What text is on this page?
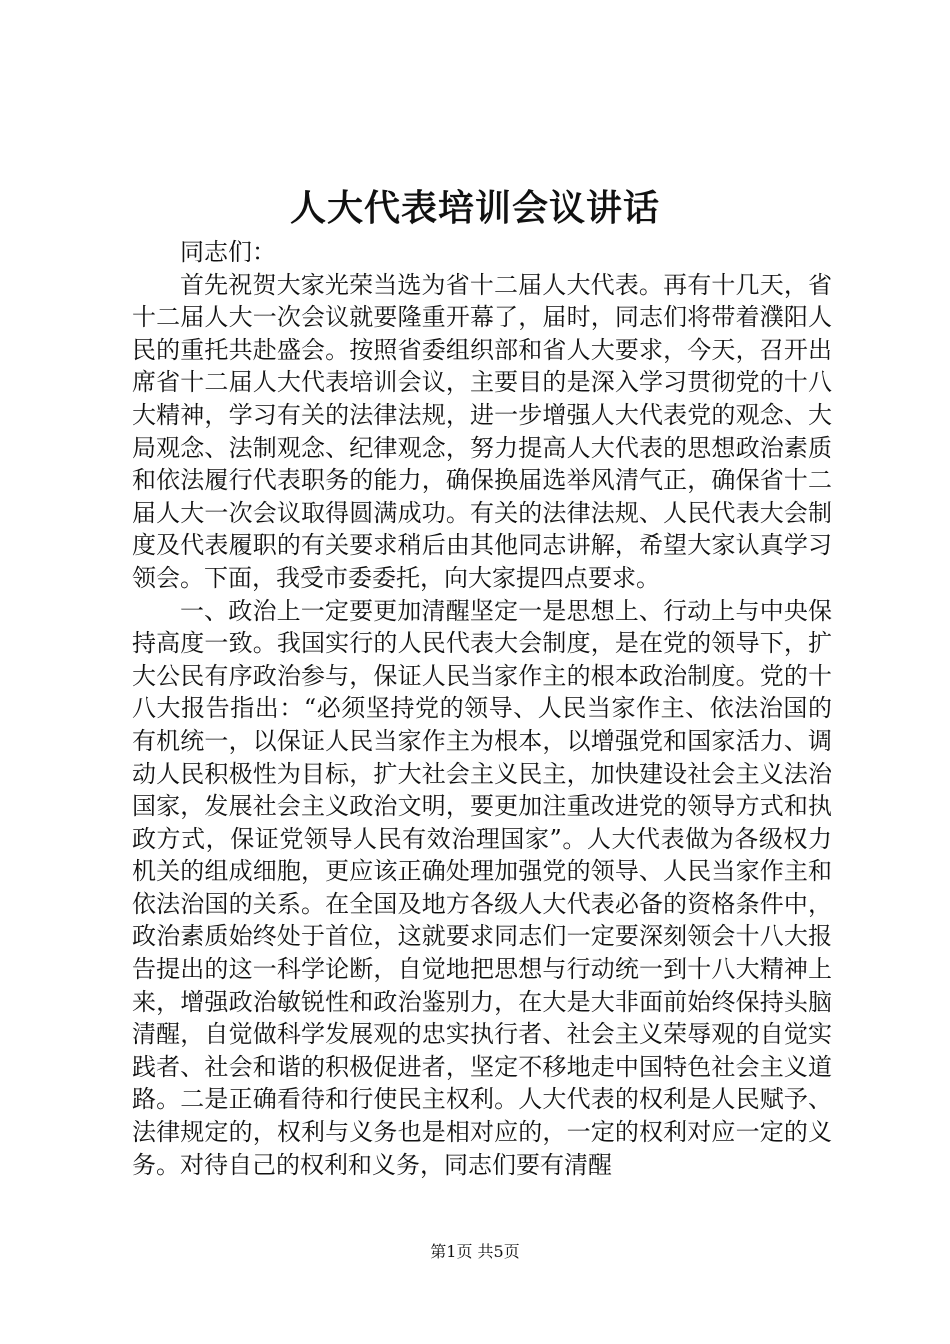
人大代表培训会议讲话

同志们：

首先祝贺大家光荣当选为省十二届人大代表。再有十几天，省十二届人大一次会议就要隆重开幕了，届时，同志们将带着濮阳人民的重托共赴盛会。按照省委组织部和省人大要求，今天，召开出席省十二届人大代表培训会议，主要目的是深入学习贯彻党的十八大精神，学习有关的法律法规，进一步增强人大代表党的观念、大局观念、法制观念、纪律观念，努力提高人大代表的思想政治素质和依法履行代表职务的能力，确保换届选举风清气正，确保省十二届人大一次会议取得圆满成功。有关的法律法规、人民代表大会制度及代表履职的有关要求稍后由其他同志讲解，希望大家认真学习领会。下面，我受市委委托，向大家提四点要求。

一、政治上一定要更加清醒坚定一是思想上、行动上与中央保持高度一致。我国实行的人民代表大会制度，是在党的领导下，扩大公民有序政治参与，保证人民当家作主的根本政治制度。党的十八大报告指出：“必须坚持党的领导、人民当家作主、依法治国的有机统一，以保证人民当家作主为根本，以增强党和国家活力、调动人民积极性为目标，扩大社会主义民主，加快建设社会主义法治国家，发展社会主义政治文明，要更加注重改进党的领导方式和执政方式，保证党领导人民有效治理国家”。人大代表做为各级权力机关的组成细胞，更应该正确处理加强党的领导、人民当家作主和依法治国的关系。在全国及地方各级人大代表必备的资格条件中，政治素质始终处于首位，这就要求同志们一定要深刻领会十八大报告提出的这一科学论断，自觉地把思想与行动统一到十八大精神上来，增强政治敏锐性和政治鉴别力，在大是大非面前始终保持头脑清醒，自觉做科学发展观的忠实执行者、社会主义荣辱观的自觉实践者、社会和谐的积极促进者，坚定不移地走中国特色社会主义道路。二是正确看待和行使民主权利。人大代表的权利是人民赋予、法律规定的，权利与义务也是相对应的，一定的权利对应一定的义务。对待自己的权利和义务，同志们要有清醒

第1页 共5页
